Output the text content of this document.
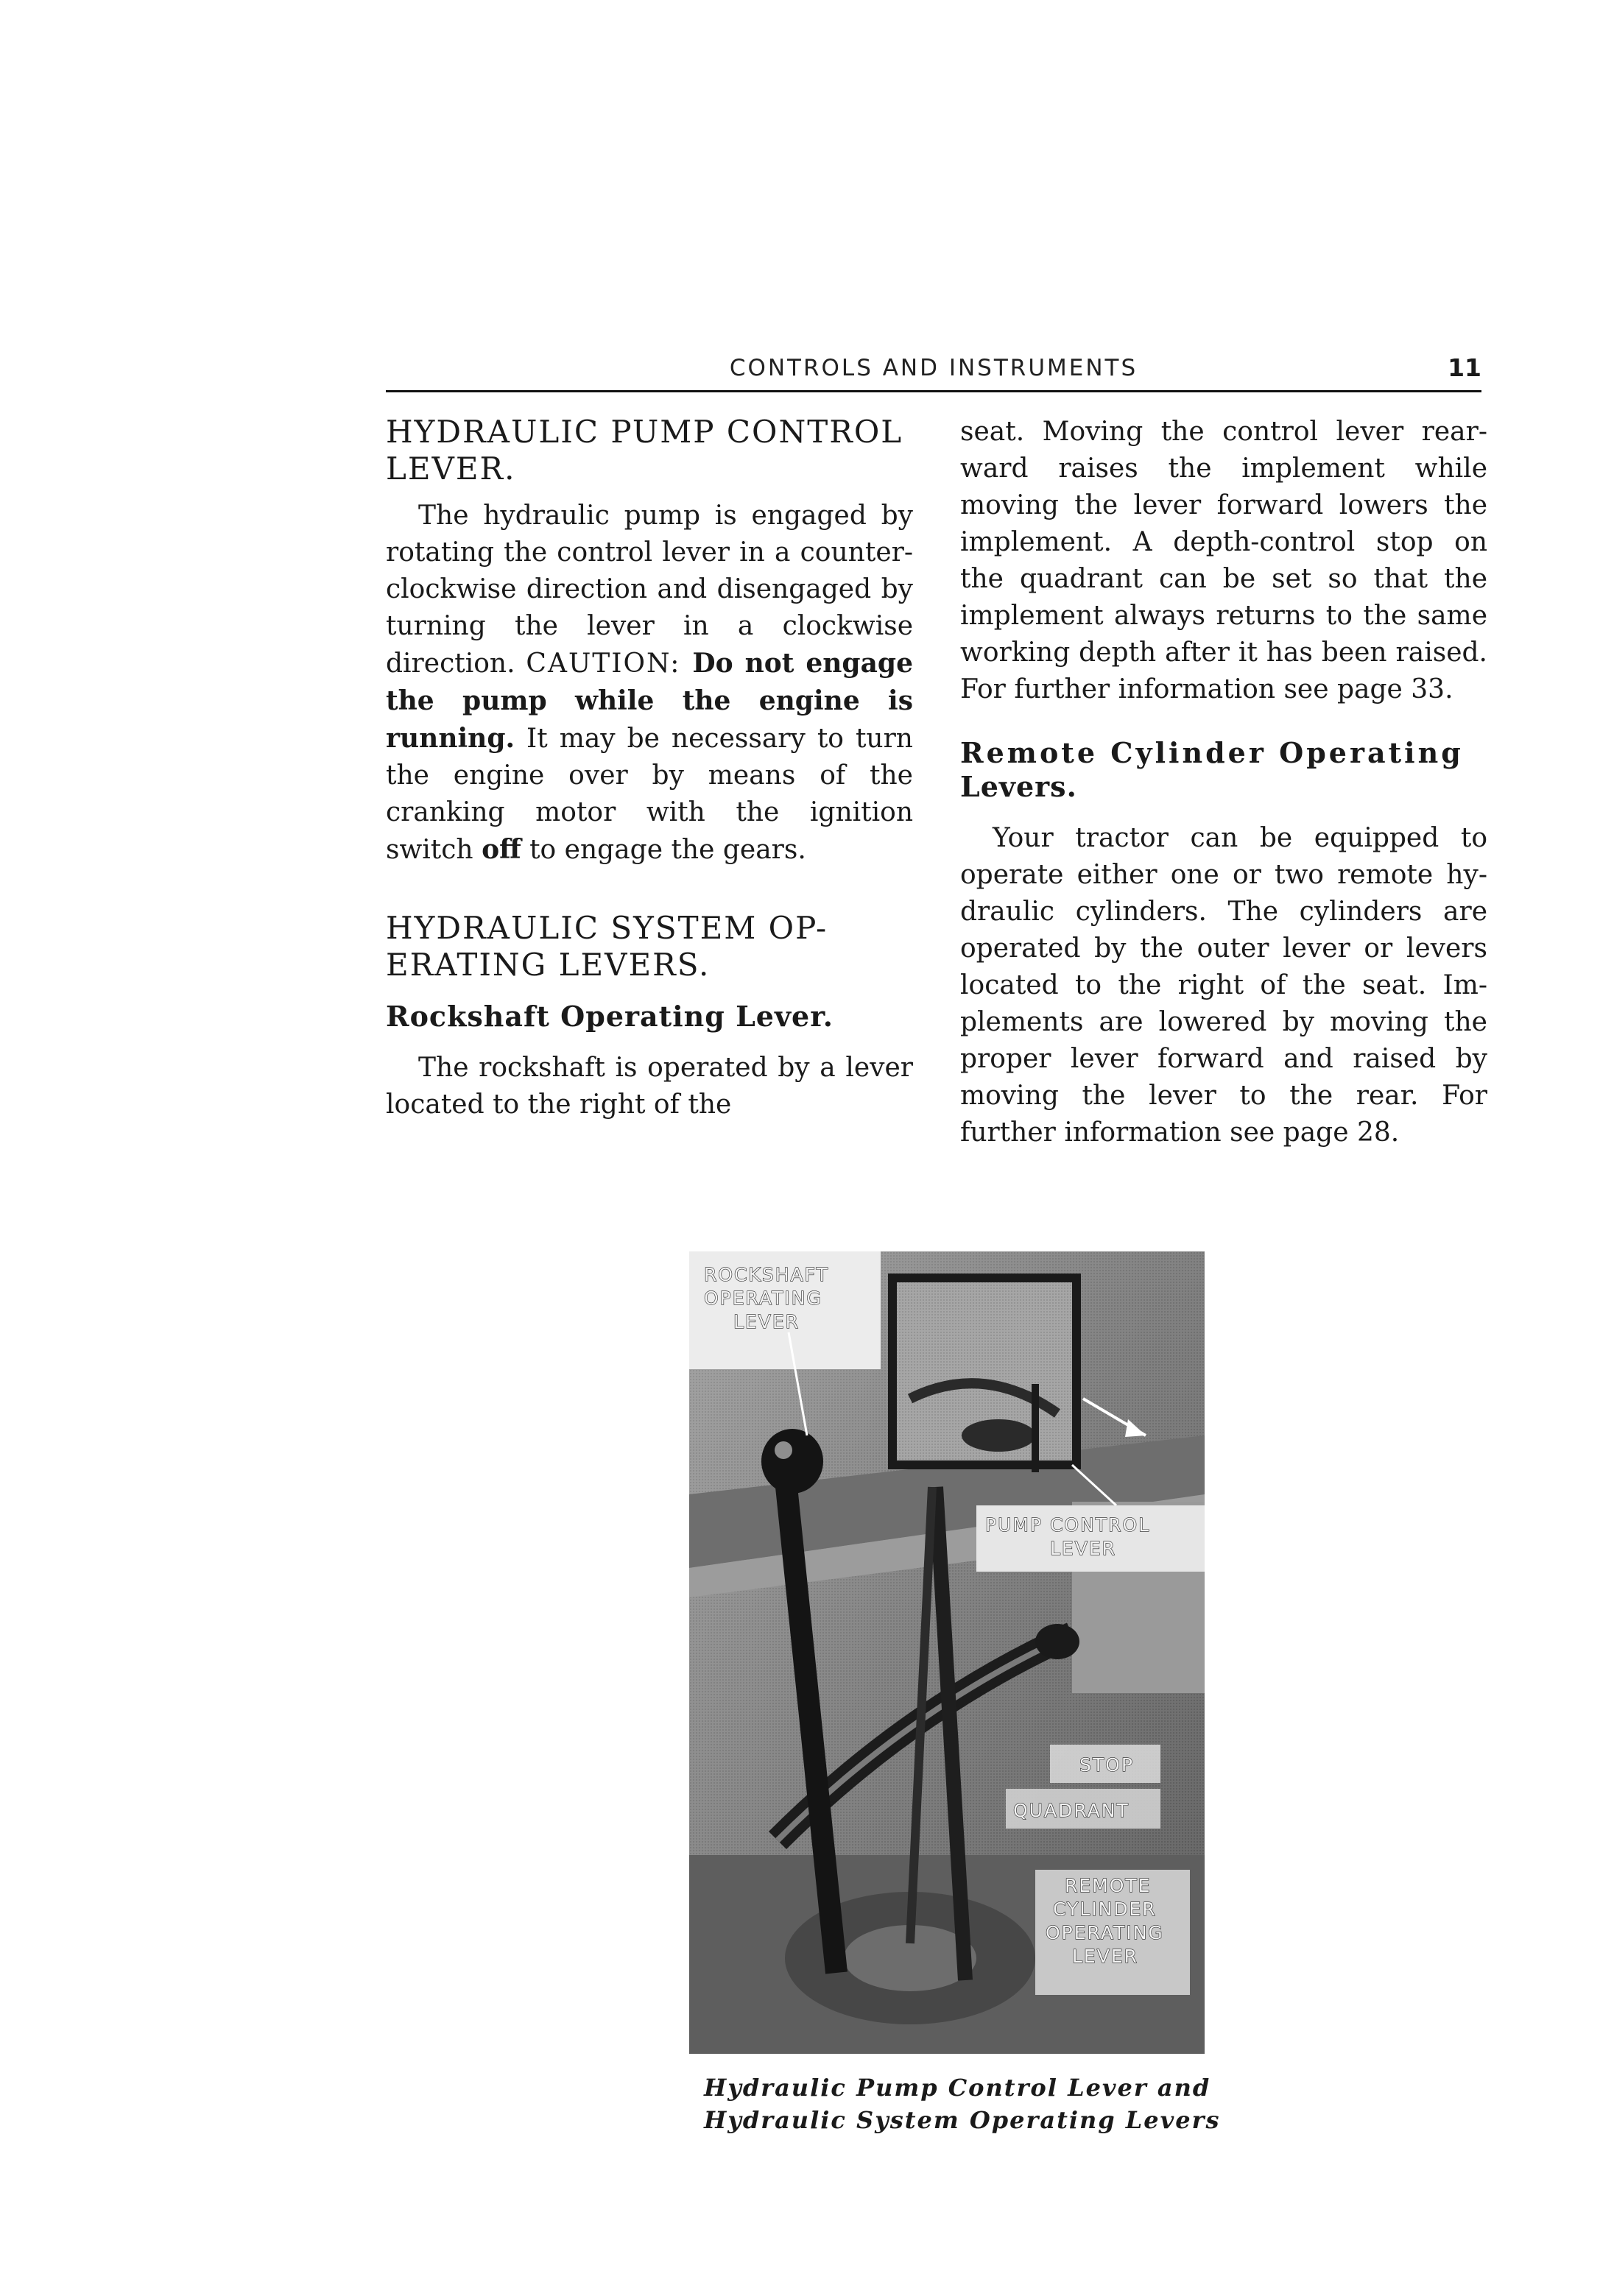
CONTROLS AND INSTRUMENTS	11
HYDRAULIC PUMP CONTROL
LEVER.

The hydraulic pump is engaged by rotating the control lever in a counter-clockwise direction and disengaged by turning the lever in a clockwise direction. CAUTION: Do not engage the pump while the engine is running. It may be necessary to turn the engine over by means of the cranking motor with the ignition switch off to engage the gears.

HYDRAULIC SYSTEM OP-
ERATING LEVERS.
Rockshaft Operating Lever.

The rockshaft is operated by a lever located to the right of the

seat. Moving the control lever rearward raises the implement while moving the lever forward lowers the implement. A depth-control stop on the quadrant can be set so that the implement always returns to the same working depth after it has been raised. For further information see page 33.

Remote Cylinder Operating
Levers.

Your tractor can be equipped to operate either one or two remote hydraulic cylinders. The cylinders are operated by the outer lever or levers located to the right of the seat. Implements are lowered by moving the proper lever forward and raised by moving the lever to the rear. For further information see page 28.

ROCKSHAFT
OPERATING
LEVER
PUMP CONTROL
LEVER
STOP
QUADRANT
REMOTE
CYLINDER
OPERATING
LEVER
Hydraulic Pump Control Lever and
Hydraulic System Operating Levers
